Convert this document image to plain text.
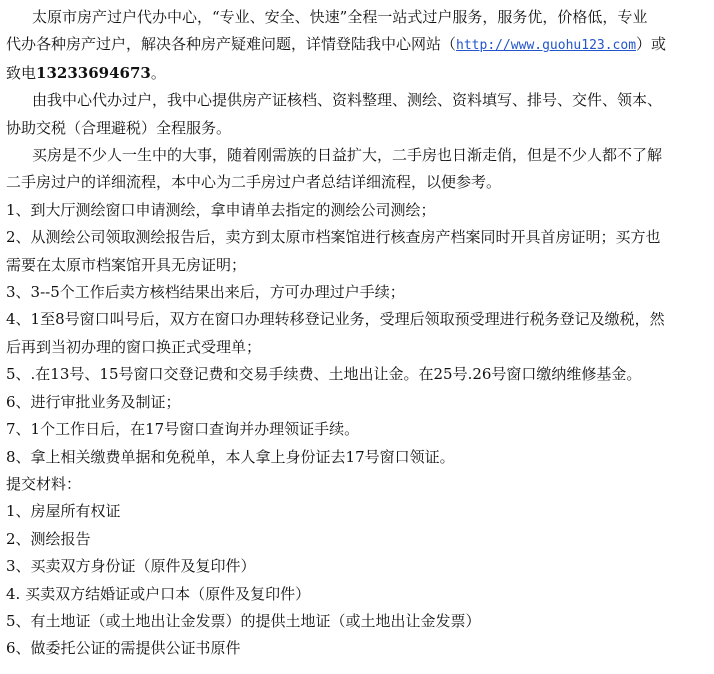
太原市房产过户代办中心，“专业、安全、快速”全程一站式过户服务，服务优，价格低，专业
代办各种房产过户，解决各种房产疑难问题，详情登陆我中心网站（http://www.guohu123.com）或
致电13233694673。
由我中心代办过户，我中心提供房产证核档、资料整理、测绘、资料填写、排号、交件、领本、
协助交税（合理避税）全程服务。
买房是不少人一生中的大事，随着刚需族的日益扩大，二手房也日渐走俏，但是不少人都不了解
二手房过户的详细流程，本中心为二手房过户者总结详细流程，以便参考。
1、到大厅测绘窗口申请测绘，拿申请单去指定的测绘公司测绘；
2、从测绘公司领取测绘报告后，卖方到太原市档案馆进行核查房产档案同时开具首房证明；买方也
需要在太原市档案馆开具无房证明；
3、3--5个工作后卖方核档结果出来后，方可办理过户手续；
4、1至8号窗口叫号后，双方在窗口办理转移登记业务，受理后领取预受理进行税务登记及缴税，然
后再到当初办理的窗口换正式受理单；
5、.在13号、15号窗口交登记费和交易手续费、土地出让金。在25号.26号窗口缴纳维修基金。
6、进行审批业务及制证；
7、1个工作日后，在17号窗口查询并办理领证手续。
8、拿上相关缴费单据和免税单，本人拿上身份证去17号窗口领证。
提交材料：
1、房屋所有权证
2、测绘报告
3、买卖双方身份证（原件及复印件）
4. 买卖双方结婚证或户口本（原件及复印件）
5、有土地证（或土地出让金发票）的提供土地证（或土地出让金发票）
6、做委托公证的需提供公证书原件
